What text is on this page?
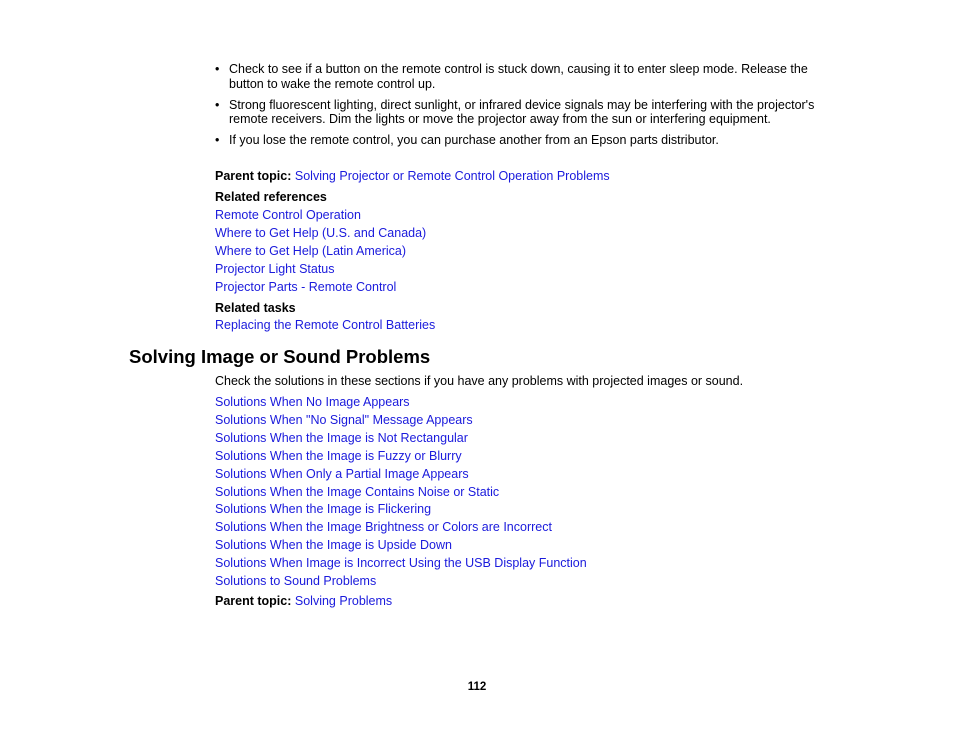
• Check to see if a button on the remote control is stuck down, causing it to enter sleep mode. Release the button to wake the remote control up.
• Strong fluorescent lighting, direct sunlight, or infrared device signals may be interfering with the projector's remote receivers. Dim the lights or move the projector away from the sun or interfering equipment.
• If you lose the remote control, you can purchase another from an Epson parts distributor.
Parent topic: Solving Projector or Remote Control Operation Problems
Related references
Remote Control Operation
Where to Get Help (U.S. and Canada)
Where to Get Help (Latin America)
Projector Light Status
Projector Parts - Remote Control
Related tasks
Replacing the Remote Control Batteries
Check the solutions in these sections if you have any problems with projected images or sound.
Solutions When No Image Appears
Solutions When "No Signal" Message Appears
Solutions When the Image is Not Rectangular
Solutions When the Image is Fuzzy or Blurry
Solutions When Only a Partial Image Appears
Solutions When the Image Contains Noise or Static
Solutions When the Image is Flickering
Solutions When the Image Brightness or Colors are Incorrect
Solutions When the Image is Upside Down
Solutions When Image is Incorrect Using the USB Display Function
Solutions to Sound Problems
Parent topic: Solving Problems
Solving Image or Sound Problems
112
